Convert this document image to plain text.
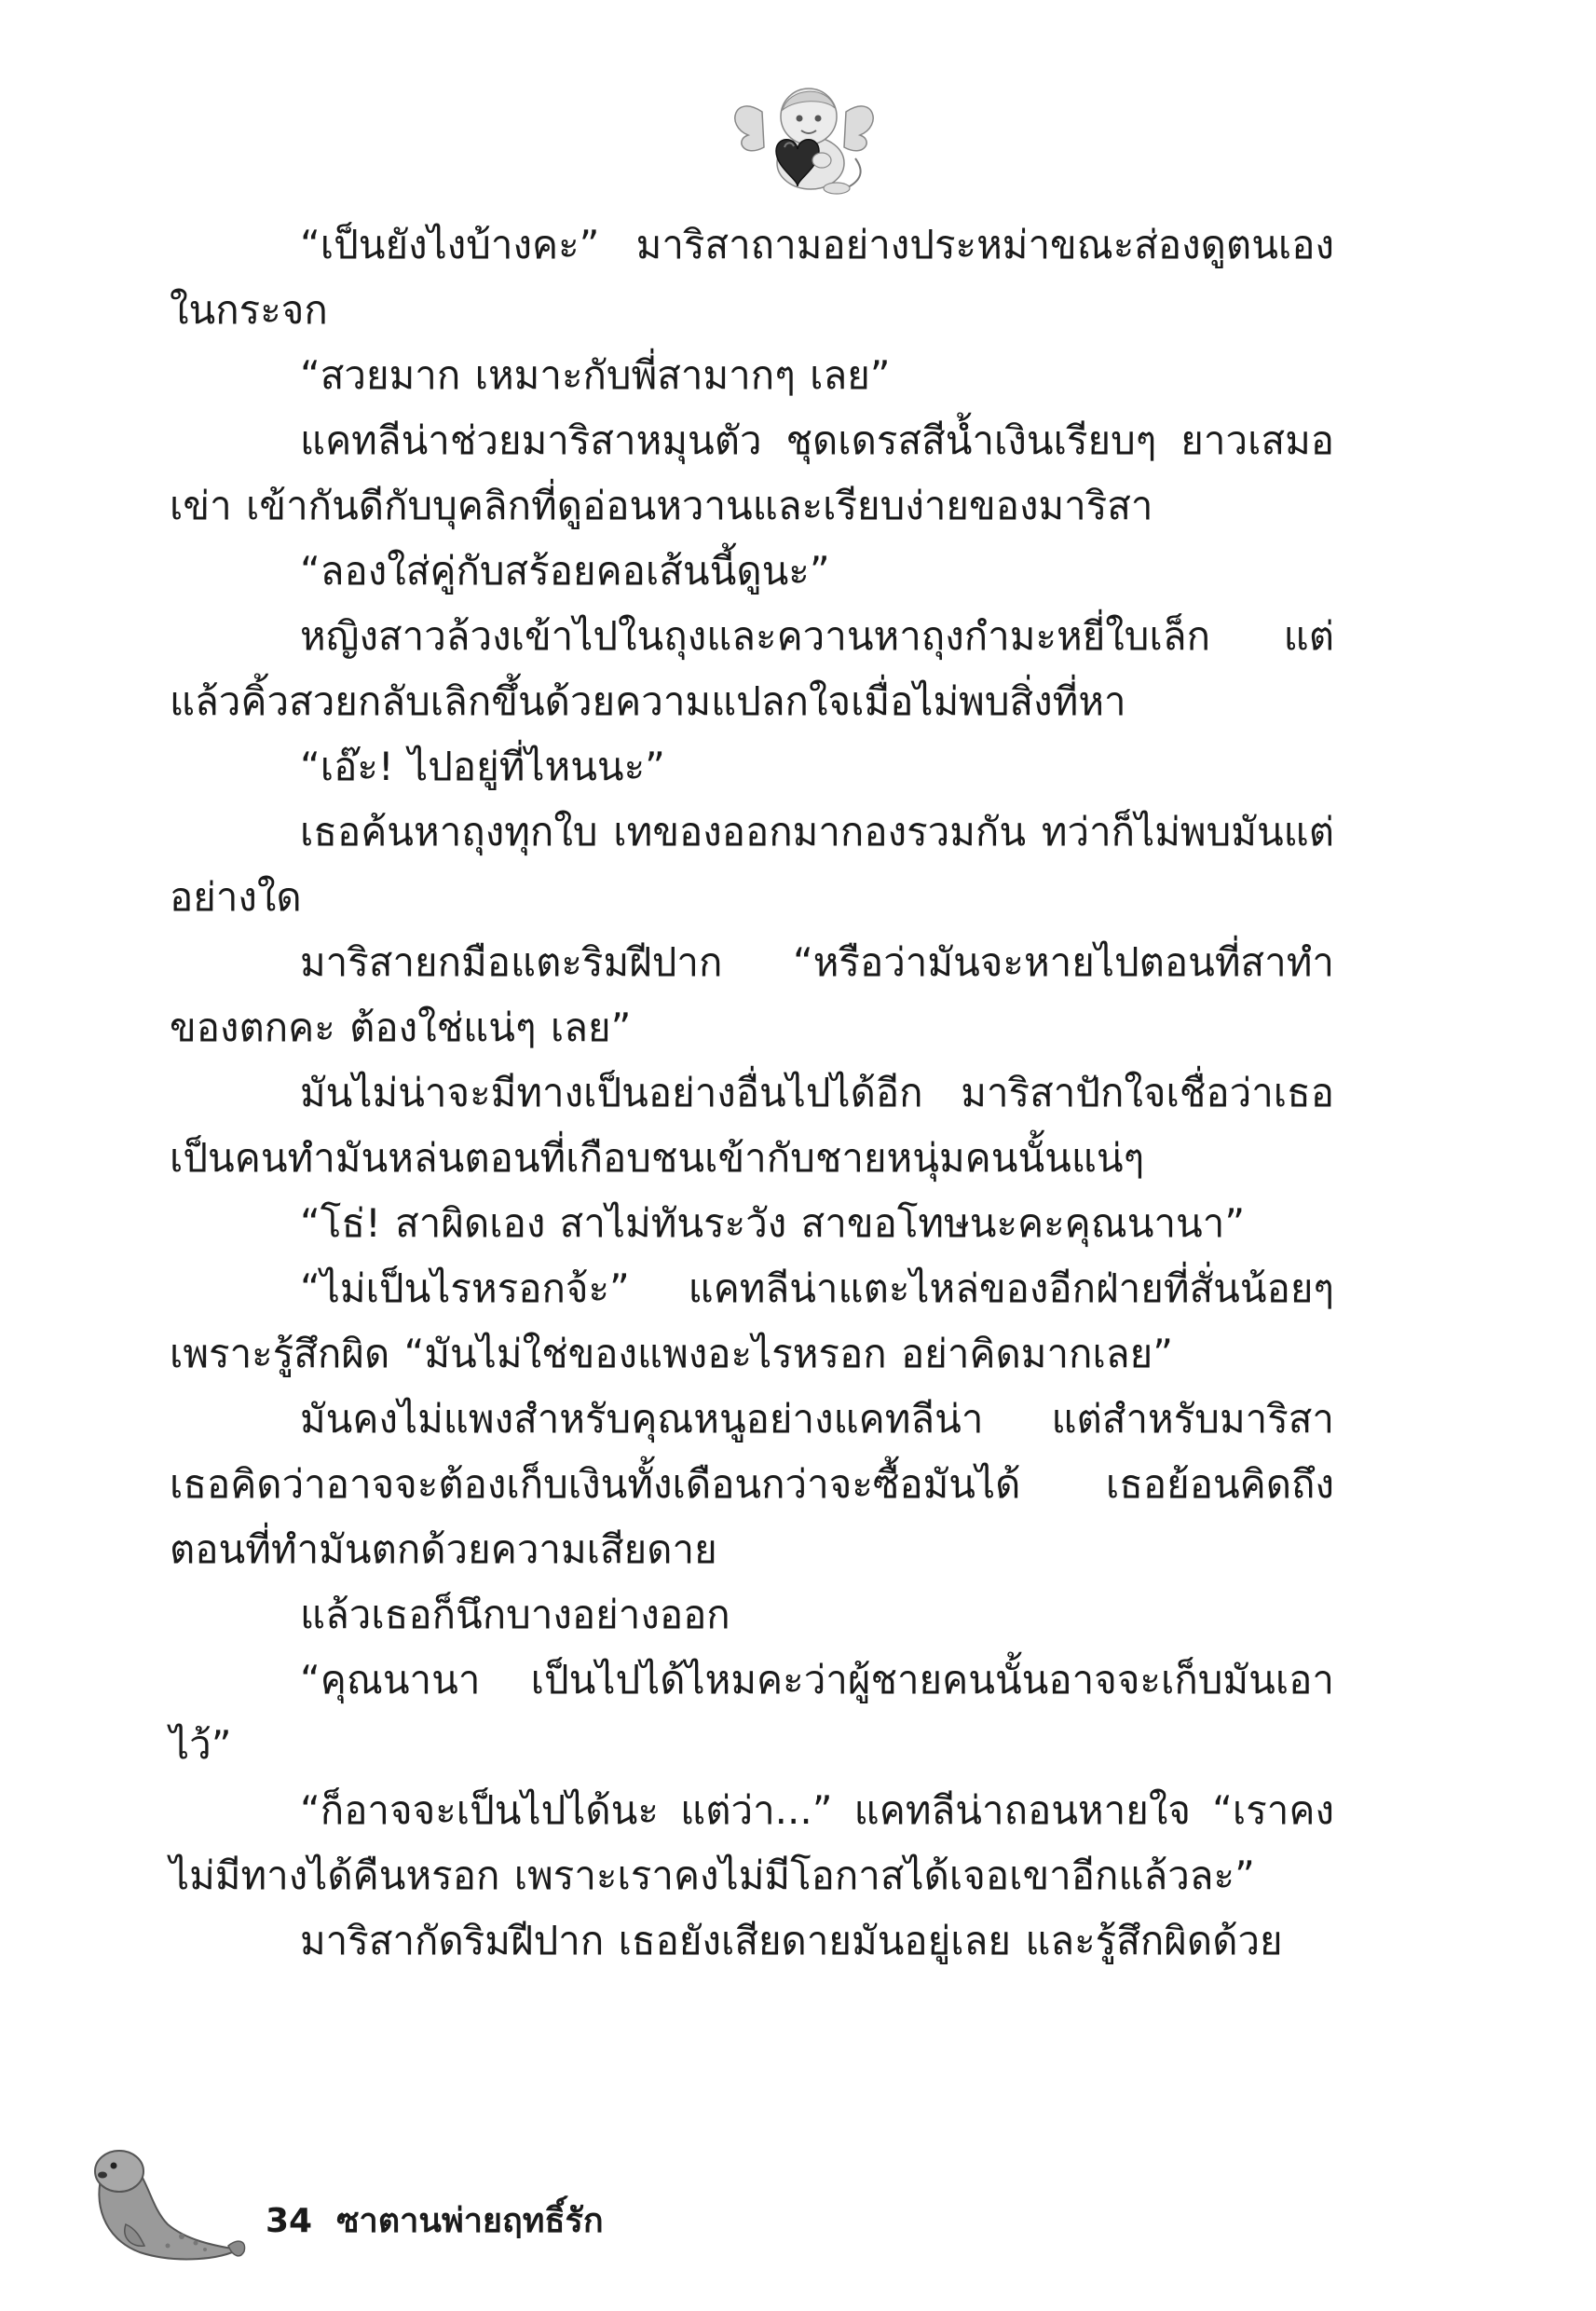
“เป็นยังไงบ้างคะ” มาริสาถามอย่างประหม่าขณะส่องดูตนเองในกระจก

“สวยมาก เหมาะกับพี่สามากๆ เลย”

แคทลีน่าช่วยมาริสาหมุนตัว ชุดเดรสสีน้ำเงินเรียบๆ ยาวเสมอเข่า เข้ากันดีกับบุคลิกที่ดูอ่อนหวานและเรียบง่ายของมาริสา

“ลองใส่คู่กับสร้อยคอเส้นนี้ดูนะ”

หญิงสาวล้วงเข้าไปในถุงและควานหาถุงกำมะหยี่ใบเล็ก แต่แล้วคิ้วสวยกลับเลิกขึ้นด้วยความแปลกใจเมื่อไม่พบสิ่งที่หา

“เอ๊ะ! ไปอยู่ที่ไหนนะ”

เธอค้นหาถุงทุกใบ เทของออกมากองรวมกัน ทว่าก็ไม่พบมันแต่อย่างใด

มาริสายกมือแตะริมฝีปาก “หรือว่ามันจะหายไปตอนที่สาทำของตกคะ ต้องใช่แน่ๆ เลย”

มันไม่น่าจะมีทางเป็นอย่างอื่นไปได้อีก มาริสาปักใจเชื่อว่าเธอเป็นคนทำมันหล่นตอนที่เกือบชนเข้ากับชายหนุ่มคนนั้นแน่ๆ

“โธ่! สาผิดเอง สาไม่ทันระวัง สาขอโทษนะคะคุณนานา”

“ไม่เป็นไรหรอกจ้ะ” แคทลีน่าแตะไหล่ของอีกฝ่ายที่สั่นน้อยๆเพราะรู้สึกผิด “มันไม่ใช่ของแพงอะไรหรอก อย่าคิดมากเลย”

มันคงไม่แพงสำหรับคุณหนูอย่างแคทลีน่า แต่สำหรับมาริสา เธอคิดว่าอาจจะต้องเก็บเงินทั้งเดือนกว่าจะซื้อมันได้ เธอย้อนคิดถึงตอนที่ทำมันตกด้วยความเสียดาย

แล้วเธอก็นึกบางอย่างออก

“คุณนานา เป็นไปได้ไหมคะว่าผู้ชายคนนั้นอาจจะเก็บมันเอาไว้”

“ก็อาจจะเป็นไปได้นะ แต่ว่า...” แคทลีน่าถอนหายใจ “เราคงไม่มีทางได้คืนหรอก เพราะเราคงไม่มีโอกาสได้เจอเขาอีกแล้วละ”

มาริสากัดริมฝีปาก เธอยังเสียดายมันอยู่เลย และรู้สึกผิดด้วย

34 ซาตานพ่ายฤทธิ์รัก
